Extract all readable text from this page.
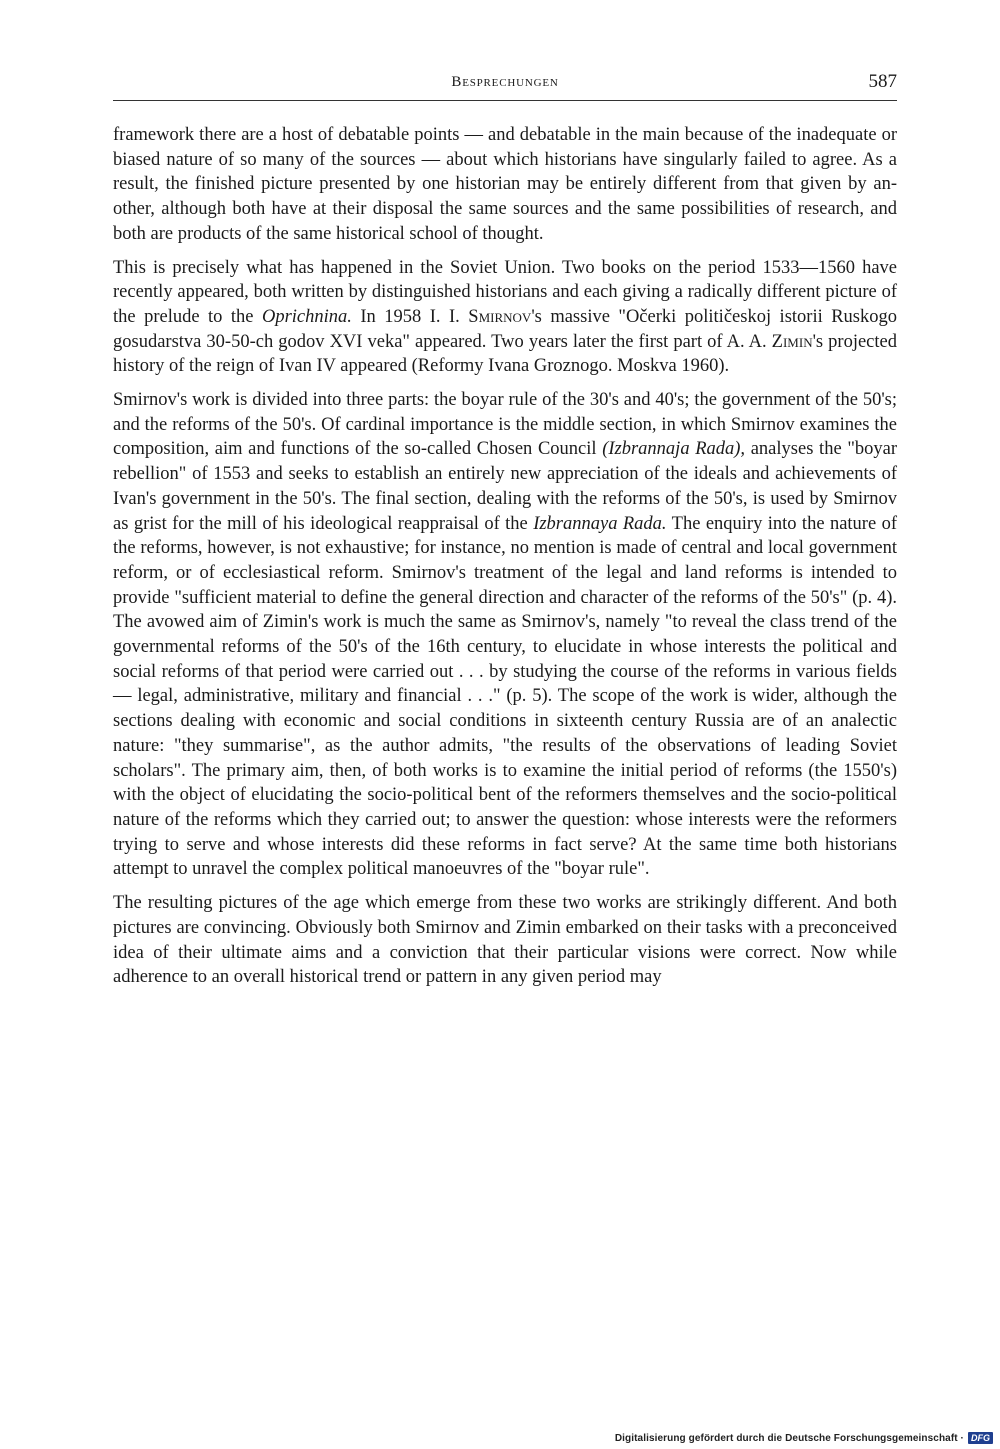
Besprechungen	587

framework there are a host of debatable points — and debatable in the main because of the inadequate or biased nature of so many of the sources — about which historians have singularly failed to agree. As a result, the finished picture presented by one historian may be entirely different from that given by another, although both have at their disposal the same sources and the same possibilities of research, and both are products of the same historical school of thought.

This is precisely what has happened in the Soviet Union. Two books on the period 1533—1560 have recently appeared, both written by distinguished historians and each giving a radically different picture of the prelude to the Oprichnina. In 1958 I. I. Smirnov's massive "Očerki političeskoj istorii Ruskogo gosudarstva 30-50-ch godov XVI veka" appeared. Two years later the first part of A. A. Zimin's projected history of the reign of Ivan IV appeared (Reformy Ivana Groznogo. Moskva 1960).

Smirnov's work is divided into three parts: the boyar rule of the 30's and 40's; the government of the 50's; and the reforms of the 50's. Of cardinal importance is the middle section, in which Smirnov examines the composition, aim and functions of the so-called Chosen Council (Izbrannaja Rada), analyses the "boyar rebellion" of 1553 and seeks to establish an entirely new appreciation of the ideals and achievements of Ivan's government in the 50's. The final section, dealing with the reforms of the 50's, is used by Smirnov as grist for the mill of his ideological reappraisal of the Izbrannaya Rada. The enquiry into the nature of the reforms, however, is not exhaustive; for instance, no mention is made of central and local government reform, or of ecclesiastical reform. Smirnov's treatment of the legal and land reforms is intended to provide "sufficient material to define the general direction and character of the reforms of the 50's" (p. 4). The avowed aim of Zimin's work is much the same as Smirnov's, namely "to reveal the class trend of the governmental reforms of the 50's of the 16th century, to elucidate in whose interests the political and social reforms of that period were carried out . . . by studying the course of the reforms in various fields — legal, administrative, military and financial . . ." (p. 5). The scope of the work is wider, although the sections dealing with economic and social conditions in sixteenth century Russia are of an analectic nature: "they summarise", as the author admits, "the results of the observations of leading Soviet scholars". The primary aim, then, of both works is to examine the initial period of reforms (the 1550's) with the object of elucidating the socio-political bent of the reformers themselves and the socio-political nature of the reforms which they carried out; to answer the question: whose interests were the reformers trying to serve and whose interests did these reforms in fact serve? At the same time both historians attempt to unravel the complex political manoeuvres of the "boyar rule".

The resulting pictures of the age which emerge from these two works are strikingly different. And both pictures are convincing. Obviously both Smirnov and Zimin embarked on their tasks with a preconceived idea of their ultimate aims and a conviction that their particular visions were correct. Now while adherence to an overall historical trend or pattern in any given period may

Digitalisierung gefördert durch die Deutsche Forschungsgemeinschaft · DFG
